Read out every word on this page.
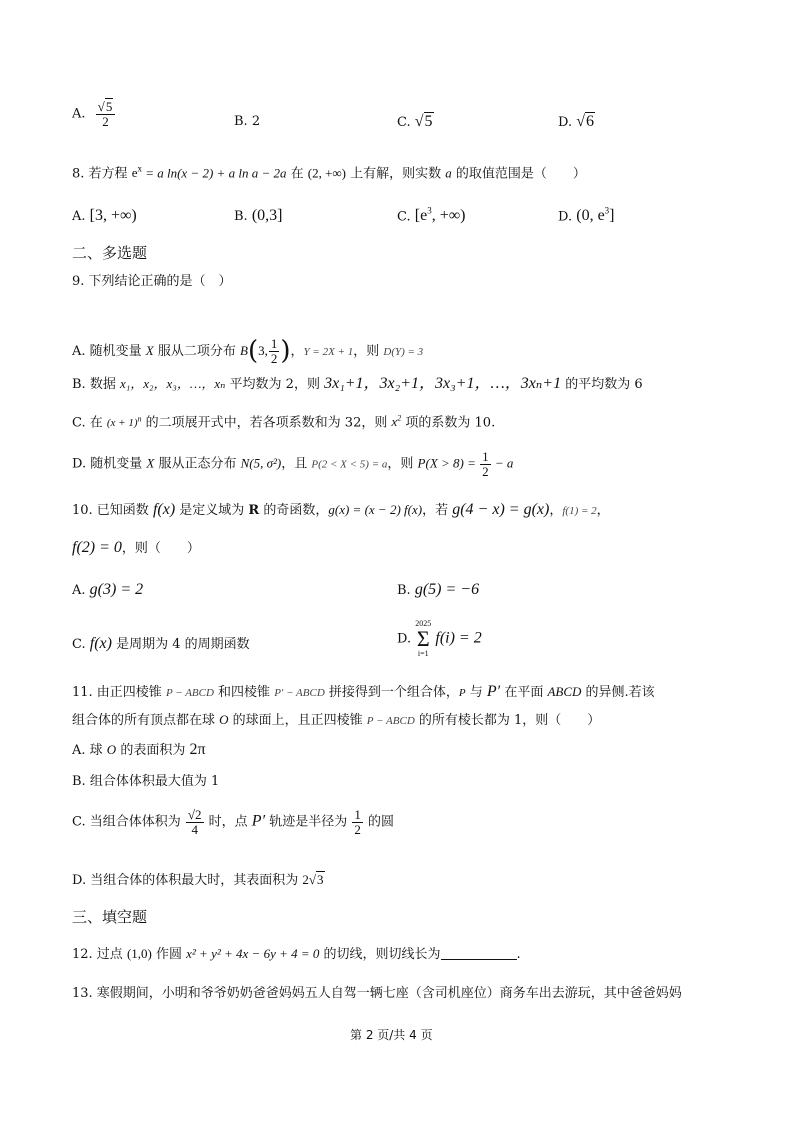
A. $\frac{√5}{2}$	B. 2	C. √5	D. √6
8. 若方程 $e^x = a$ ln(x − 2) + a ln a − 2a 在 (2, +∞) 上有解，则实数 a 的取值范围是（　　）
A. [3, +∞)	B. (0,3]	C. [$e^3$, +∞)	D. (0, $e^3$]
二、多选题
9. 下列结论正确的是（　）
A. 随机变量 X 服从二项分布 B(3, $\frac{1}{2}$ )，Y = 2X + 1，则 D(Y) = 3
B. 数据 x₁，x₂，x₃，…，xₙ 平均数为 2，则 3x₁+1，3x₂+1，3x₃+1，…，3xₙ+1 的平均数为 6
C. 在 $(x + 1)^n$ 的二项展开式中，若各项系数和为 32，则 $x^2$ 项的系数为 10.
D. 随机变量 X 服从正态分布 N(5, σ²)，且 P(2 < X < 5) = a，则 $P(X > 8) = \frac{1}{2} - a$
10. 已知函数 f(x) 是定义域为 R 的奇函数，g(x) = (x − 2) f(x)，若 g(4 − x) = g(x)，f(1) = 2，
f(2) = 0，则（　　）
A. g(3) = 2	B. g(5) = −6
C. f(x) 是周期为 4 的周期函数	D.
2025
Σ
i=1
f(i) = 2
11. 由正四棱锥 P − ABCD 和四棱锥 P′ − ABCD 拼接得到一个组合体，P 与 P′ 在平面 ABCD 的异侧.若该
组合体的所有顶点都在球 O 的球面上，且正四棱锥 P − ABCD 的所有棱长都为 1，则（　　）
A. 球 O 的表面积为 2π
B. 组合体体积最大值为 1
C. 当组合体体积为 $\frac{√2}{4}$ 时，点 P′ 轨迹是半径为 $\frac{1}{2}$ 的圆
D. 当组合体的体积最大时，其表面积为 2√3
三、填空题
12. 过点 (1,0) 作圆 x² + y² + 4x − 6y + 4 = 0 的切线，则切线长为	.
13. 寒假期间，小明和爷爷奶奶爸爸妈妈五人自驾一辆七座（含司机座位）商务车出去游玩，其中爸爸妈妈
第 2 页/共 4 页
